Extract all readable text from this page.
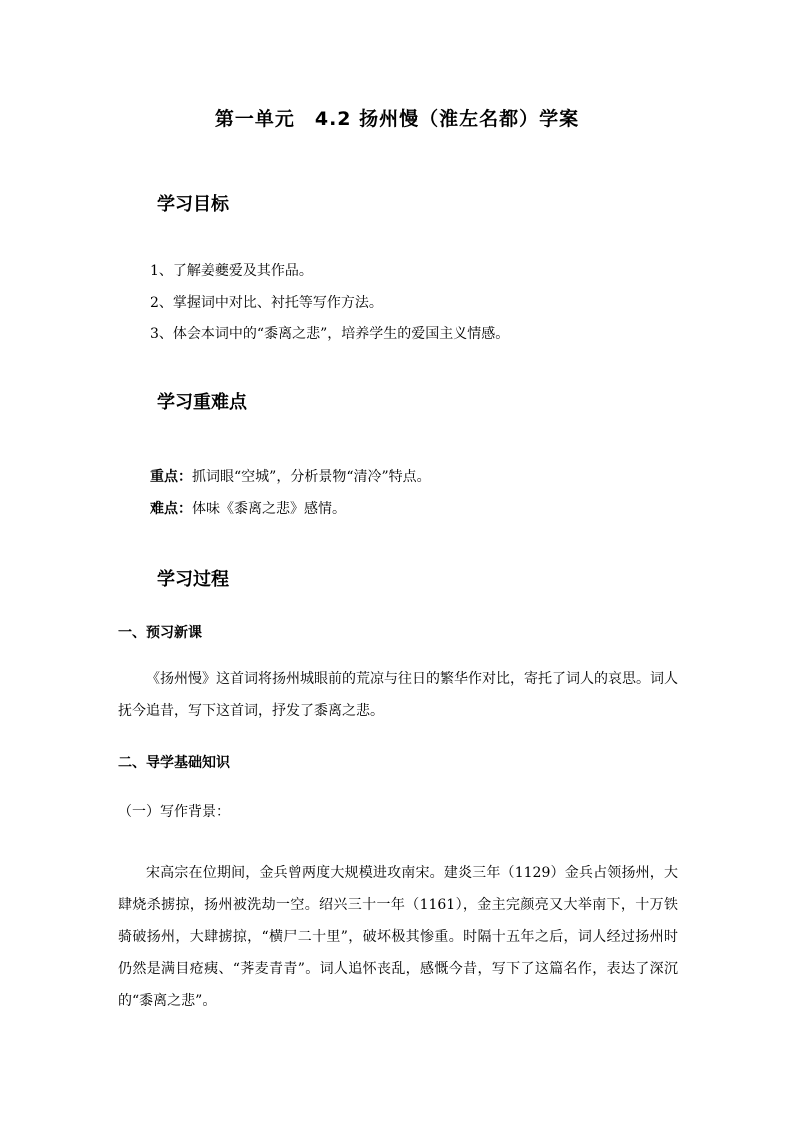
第一单元　4.2 扬州慢（淮左名都）学案
学习目标
1、了解姜夔爱及其作品。
2、掌握词中对比、衬托等写作方法。
3、体会本词中的“黍离之悲”，培养学生的爱国主义情感。
学习重难点
重点：抓词眼“空城”，分析景物“清冷”特点。
难点：体味《黍离之悲》感情。
学习过程
一、预习新课
《扬州慢》这首词将扬州城眼前的荒凉与往日的繁华作对比，寄托了词人的哀思。词人抚今追昔，写下这首词，抒发了黍离之悲。
二、导学基础知识
（一）写作背景：
宋高宗在位期间，金兵曾两度大规模进攻南宋。建炎三年（1129）金兵占领扬州，大肆烧杀掳掠，扬州被洗劫一空。绍兴三十一年（1161），金主完颜亮又大举南下，十万铁骑破扬州，大肆掳掠，“横尸二十里”，破坏极其惨重。时隔十五年之后，词人经过扬州时仍然是满目疮痍、“荠麦青青”。词人追怀丧乱，感慨今昔，写下了这篇名作，表达了深沉的“黍离之悲”。
